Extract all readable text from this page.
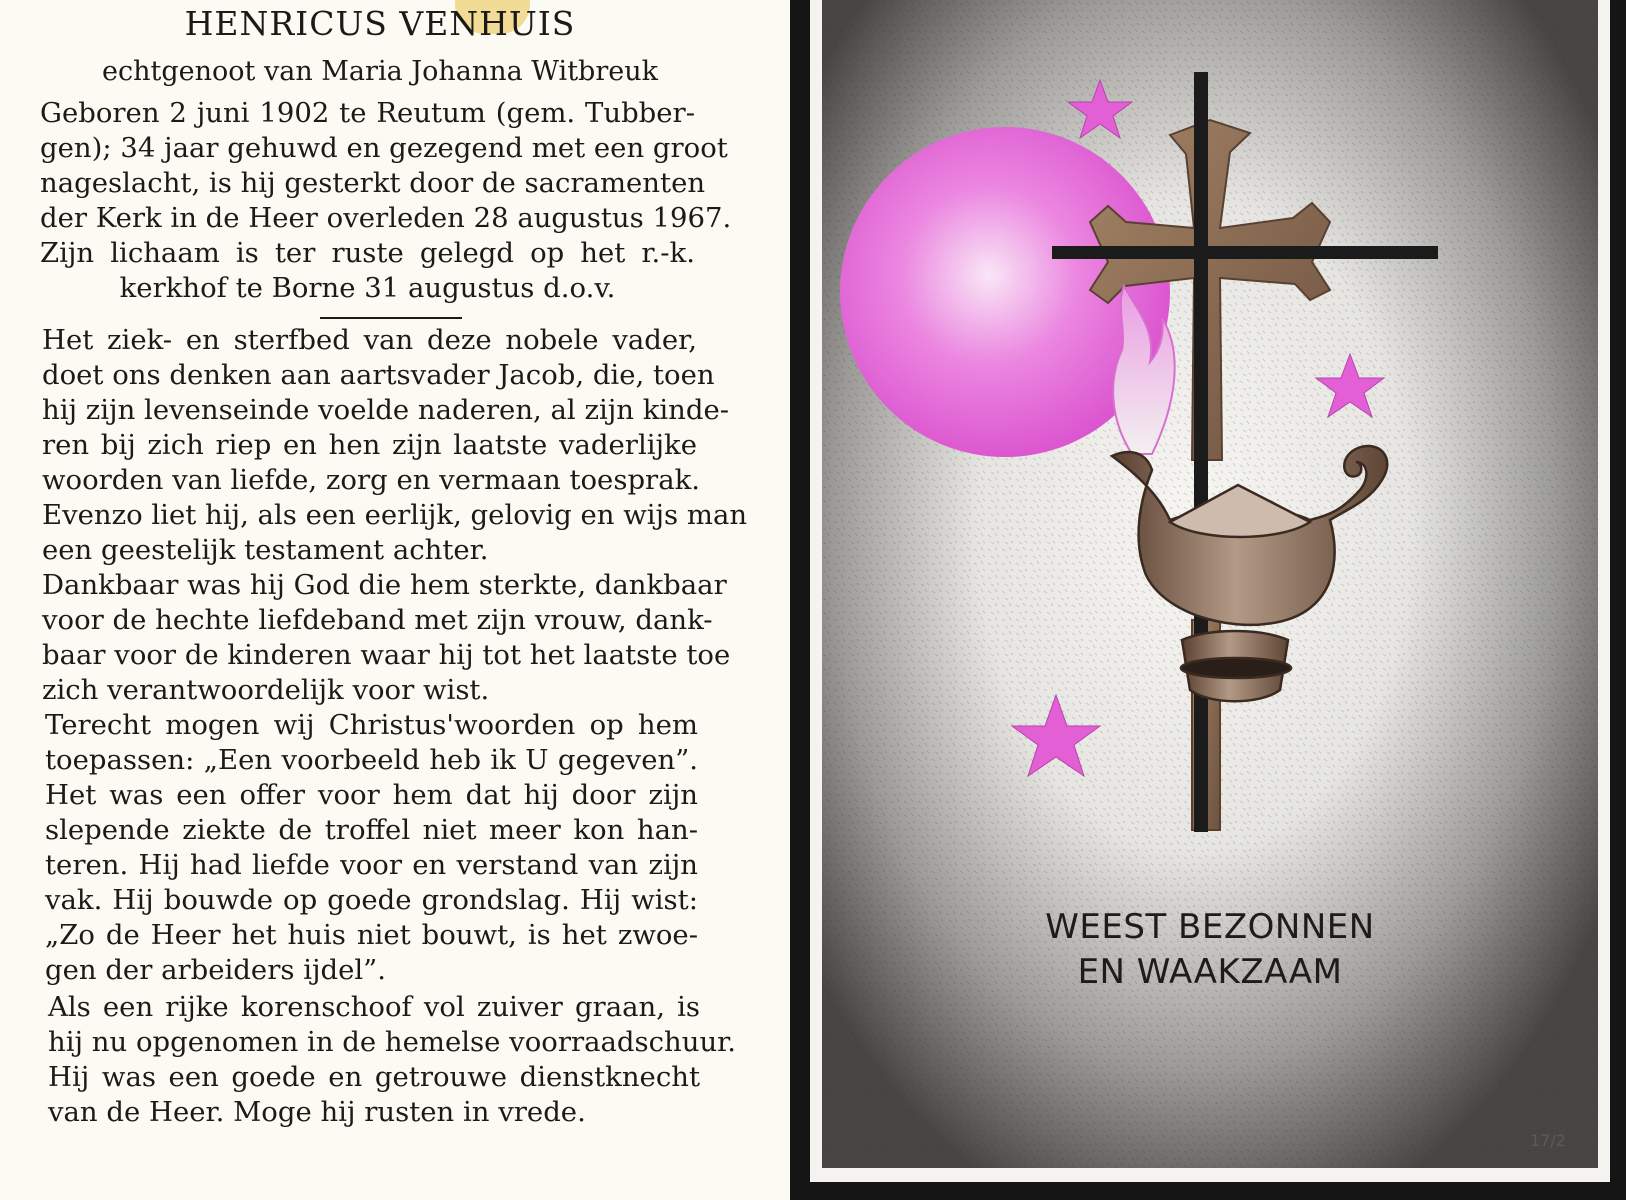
HENRICUS VENHUIS
echtgenoot van Maria Johanna Witbreuk
Geboren 2 juni 1902 te Reutum (gem. Tubber-
gen); 34 jaar gehuwd en gezegend met een groot
nageslacht, is hij gesterkt door de sacramenten
der Kerk in de Heer overleden 28 augustus 1967.
Zijn lichaam is ter ruste gelegd op het r.-k.
kerkhof te Borne 31 augustus d.o.v.
Het ziek- en sterfbed van deze nobele vader,
doet ons denken aan aartsvader Jacob, die, toen
hij zijn levenseinde voelde naderen, al zijn kinde-
ren bij zich riep en hen zijn laatste vaderlijke
woorden van liefde, zorg en vermaan toesprak.
Evenzo liet hij, als een eerlijk, gelovig en wijs man
een geestelijk testament achter.
Dankbaar was hij God die hem sterkte, dankbaar
voor de hechte liefdeband met zijn vrouw, dank-
baar voor de kinderen waar hij tot het laatste toe
zich verantwoordelijk voor wist.
Terecht mogen wij Christus'woorden op hem
toepassen: „Een voorbeeld heb ik U gegeven”.
Het was een offer voor hem dat hij door zijn
slepende ziekte de troffel niet meer kon han-
teren. Hij had liefde voor en verstand van zijn
vak. Hij bouwde op goede grondslag. Hij wist:
„Zo de Heer het huis niet bouwt, is het zwoe-
gen der arbeiders ijdel”.
Als een rijke korenschoof vol zuiver graan, is
hij nu opgenomen in de hemelse voorraadschuur.
Hij was een goede en getrouwe dienstknecht
van de Heer. Moge hij rusten in vrede.
WEEST BEZONNEN
EN WAAKZAAM
17/2
